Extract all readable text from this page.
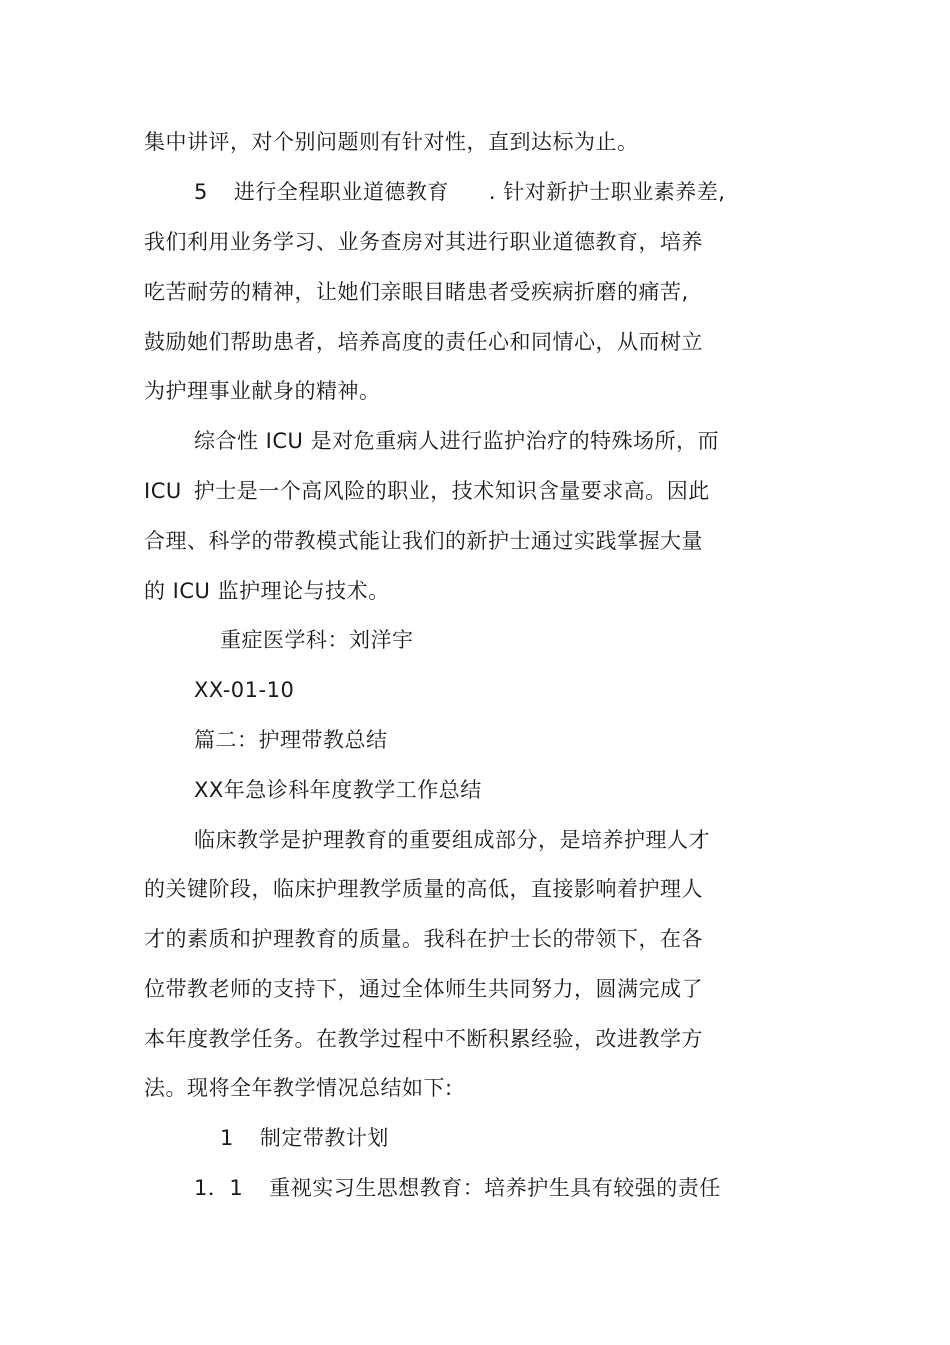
集中讲评，对个别问题则有针对性，直到达标为止。
5 进行全程职业道德教育 . 针对新护士职业素养差,
我们利用业务学习、业务查房对其进行职业道德教育，培养
吃苦耐劳的精神，让她们亲眼目睹患者受疾病折磨的痛苦,
鼓励她们帮助患者，培养高度的责任心和同情心，从而树立
为护理事业献身的精神。
综合性 ICU 是对危重病人进行监护治疗的特殊场所，而
ICU 护士是一个高风险的职业，技术知识含量要求高。因此
合理、科学的带教模式能让我们的新护士通过实践掌握大量
的 ICU 监护理论与技术。
重症医学科：刘洋宇
XX-01-10
篇二：护理带教总结
XX年急诊科年度教学工作总结
临床教学是护理教育的重要组成部分，是培养护理人才
的关键阶段，临床护理教学质量的高低，直接影响着护理人
才的素质和护理教育的质量。我科在护士长的带领下，在各
位带教老师的支持下，通过全体师生共同努力，圆满完成了
本年度教学任务。在教学过程中不断积累经验，改进教学方
法。现将全年教学情况总结如下:
1 制定带教计划
1．1 重视实习生思想教育：培养护生具有较强的责任
